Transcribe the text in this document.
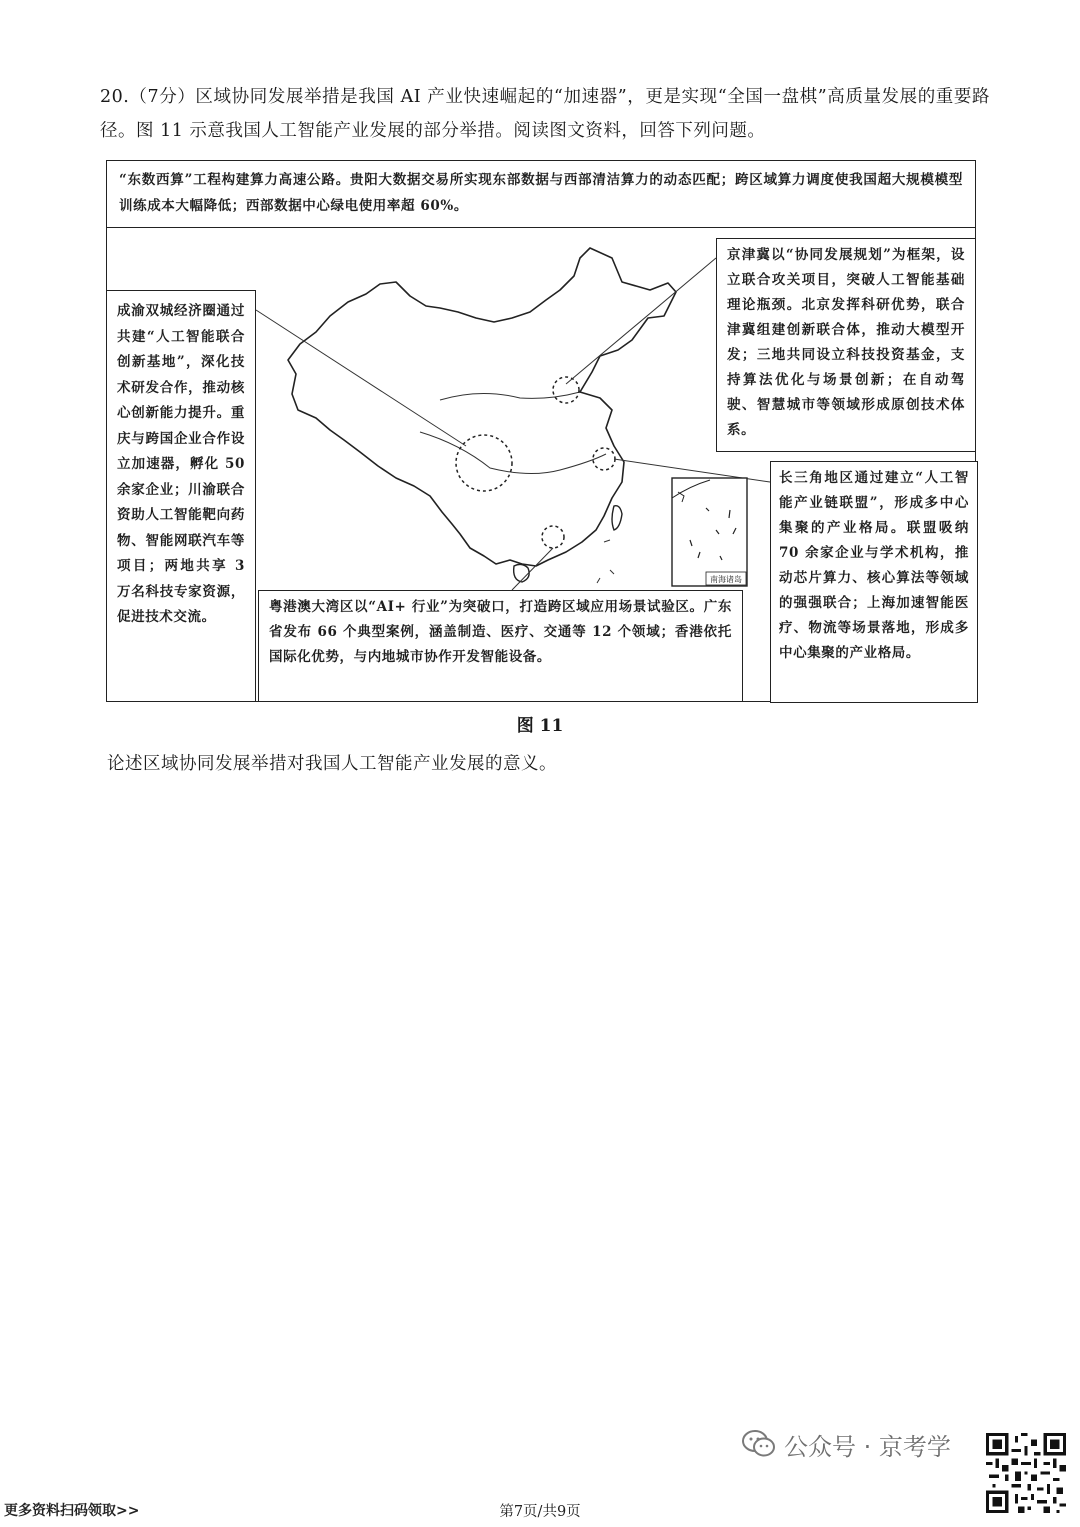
20.（7分）区域协同发展举措是我国 AI 产业快速崛起的“加速器”，更是实现“全国一盘棋”高质量发展的重要路径。图 11 示意我国人工智能产业发展的部分举措。阅读图文资料，回答下列问题。
南海诸岛
“东数西算”工程构建算力高速公路。贵阳大数据交易所实现东部数据与西部清洁算力的动态匹配；跨区域算力调度使我国超大规模模型训练成本大幅降低；西部数据中心绿电使用率超 60%。
成渝双城经济圈通过共建“人工智能联合创新基地”，深化技术研发合作，推动核心创新能力提升。重庆与跨国企业合作设立加速器，孵化 50 余家企业；川渝联合资助人工智能靶向药物、智能网联汽车等项目；两地共享 3 万名科技专家资源，促进技术交流。
京津冀以“协同发展规划”为框架，设立联合攻关项目，突破人工智能基础理论瓶颈。北京发挥科研优势，联合津冀组建创新联合体，推动大模型开发；三地共同设立科技投资基金，支持算法优化与场景创新；在自动驾驶、智慧城市等领域形成原创技术体系。
长三角地区通过建立“人工智能产业链联盟”，形成多中心集聚的产业格局。联盟吸纳 70 余家企业与学术机构，推动芯片算力、核心算法等领域的强强联合；上海加速智能医疗、物流等场景落地，形成多中心集聚的产业格局。
粤港澳大湾区以“AI+ 行业”为突破口，打造跨区域应用场景试验区。广东省发布 66 个典型案例，涵盖制造、医疗、交通等 12 个领域；香港依托国际化优势，与内地城市协作开发智能设备。
图 11
论述区域协同发展举措对我国人工智能产业发展的意义。
公众号 · 京考学
更多资料扫码领取>>	第7页/共9页
